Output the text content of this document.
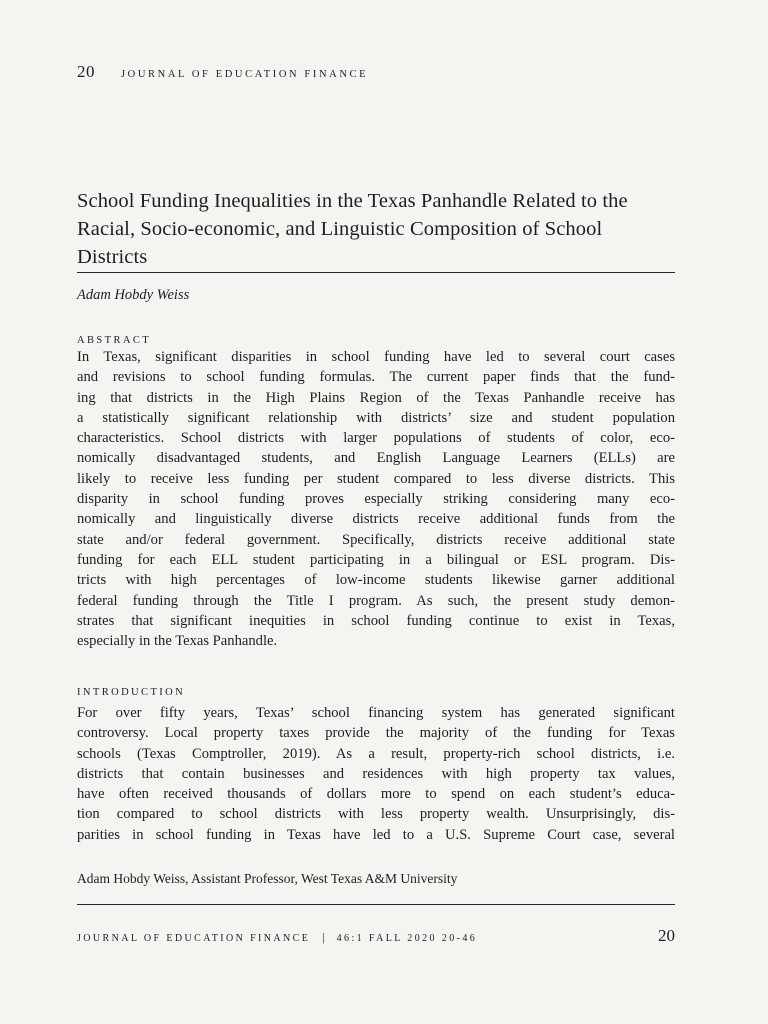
20 JOURNAL OF EDUCATION FINANCE
School Funding Inequalities in the Texas Panhandle Related to the Racial, Socio-economic, and Linguistic Composition of School Districts
Adam Hobdy Weiss
ABSTRACT
In Texas, significant disparities in school funding have led to several court cases
and revisions to school funding formulas. The current paper finds that the fund-
ing that districts in the High Plains Region of the Texas Panhandle receive has
a statistically significant relationship with districts’ size and student population
characteristics. School districts with larger populations of students of color, eco-
nomically disadvantaged students, and English Language Learners (ELLs) are
likely to receive less funding per student compared to less diverse districts. This
disparity in school funding proves especially striking considering many eco-
nomically and linguistically diverse districts receive additional funds from the
state and/or federal government. Specifically, districts receive additional state
funding for each ELL student participating in a bilingual or ESL program. Dis-
tricts with high percentages of low-income students likewise garner additional
federal funding through the Title I program. As such, the present study demon-
strates that significant inequities in school funding continue to exist in Texas,
especially in the Texas Panhandle.
INTRODUCTION
For over fifty years, Texas’ school financing system has generated significant
controversy. Local property taxes provide the majority of the funding for Texas
schools (Texas Comptroller, 2019). As a result, property-rich school districts, i.e.
districts that contain businesses and residences with high property tax values,
have often received thousands of dollars more to spend on each student’s educa-
tion compared to school districts with less property wealth. Unsurprisingly, dis-
parities in school funding in Texas have led to a U.S. Supreme Court case, several
Adam Hobdy Weiss, Assistant Professor, West Texas A&M University
JOURNAL OF EDUCATION FINANCE | 46:1 FALL 2020 20-46	20
